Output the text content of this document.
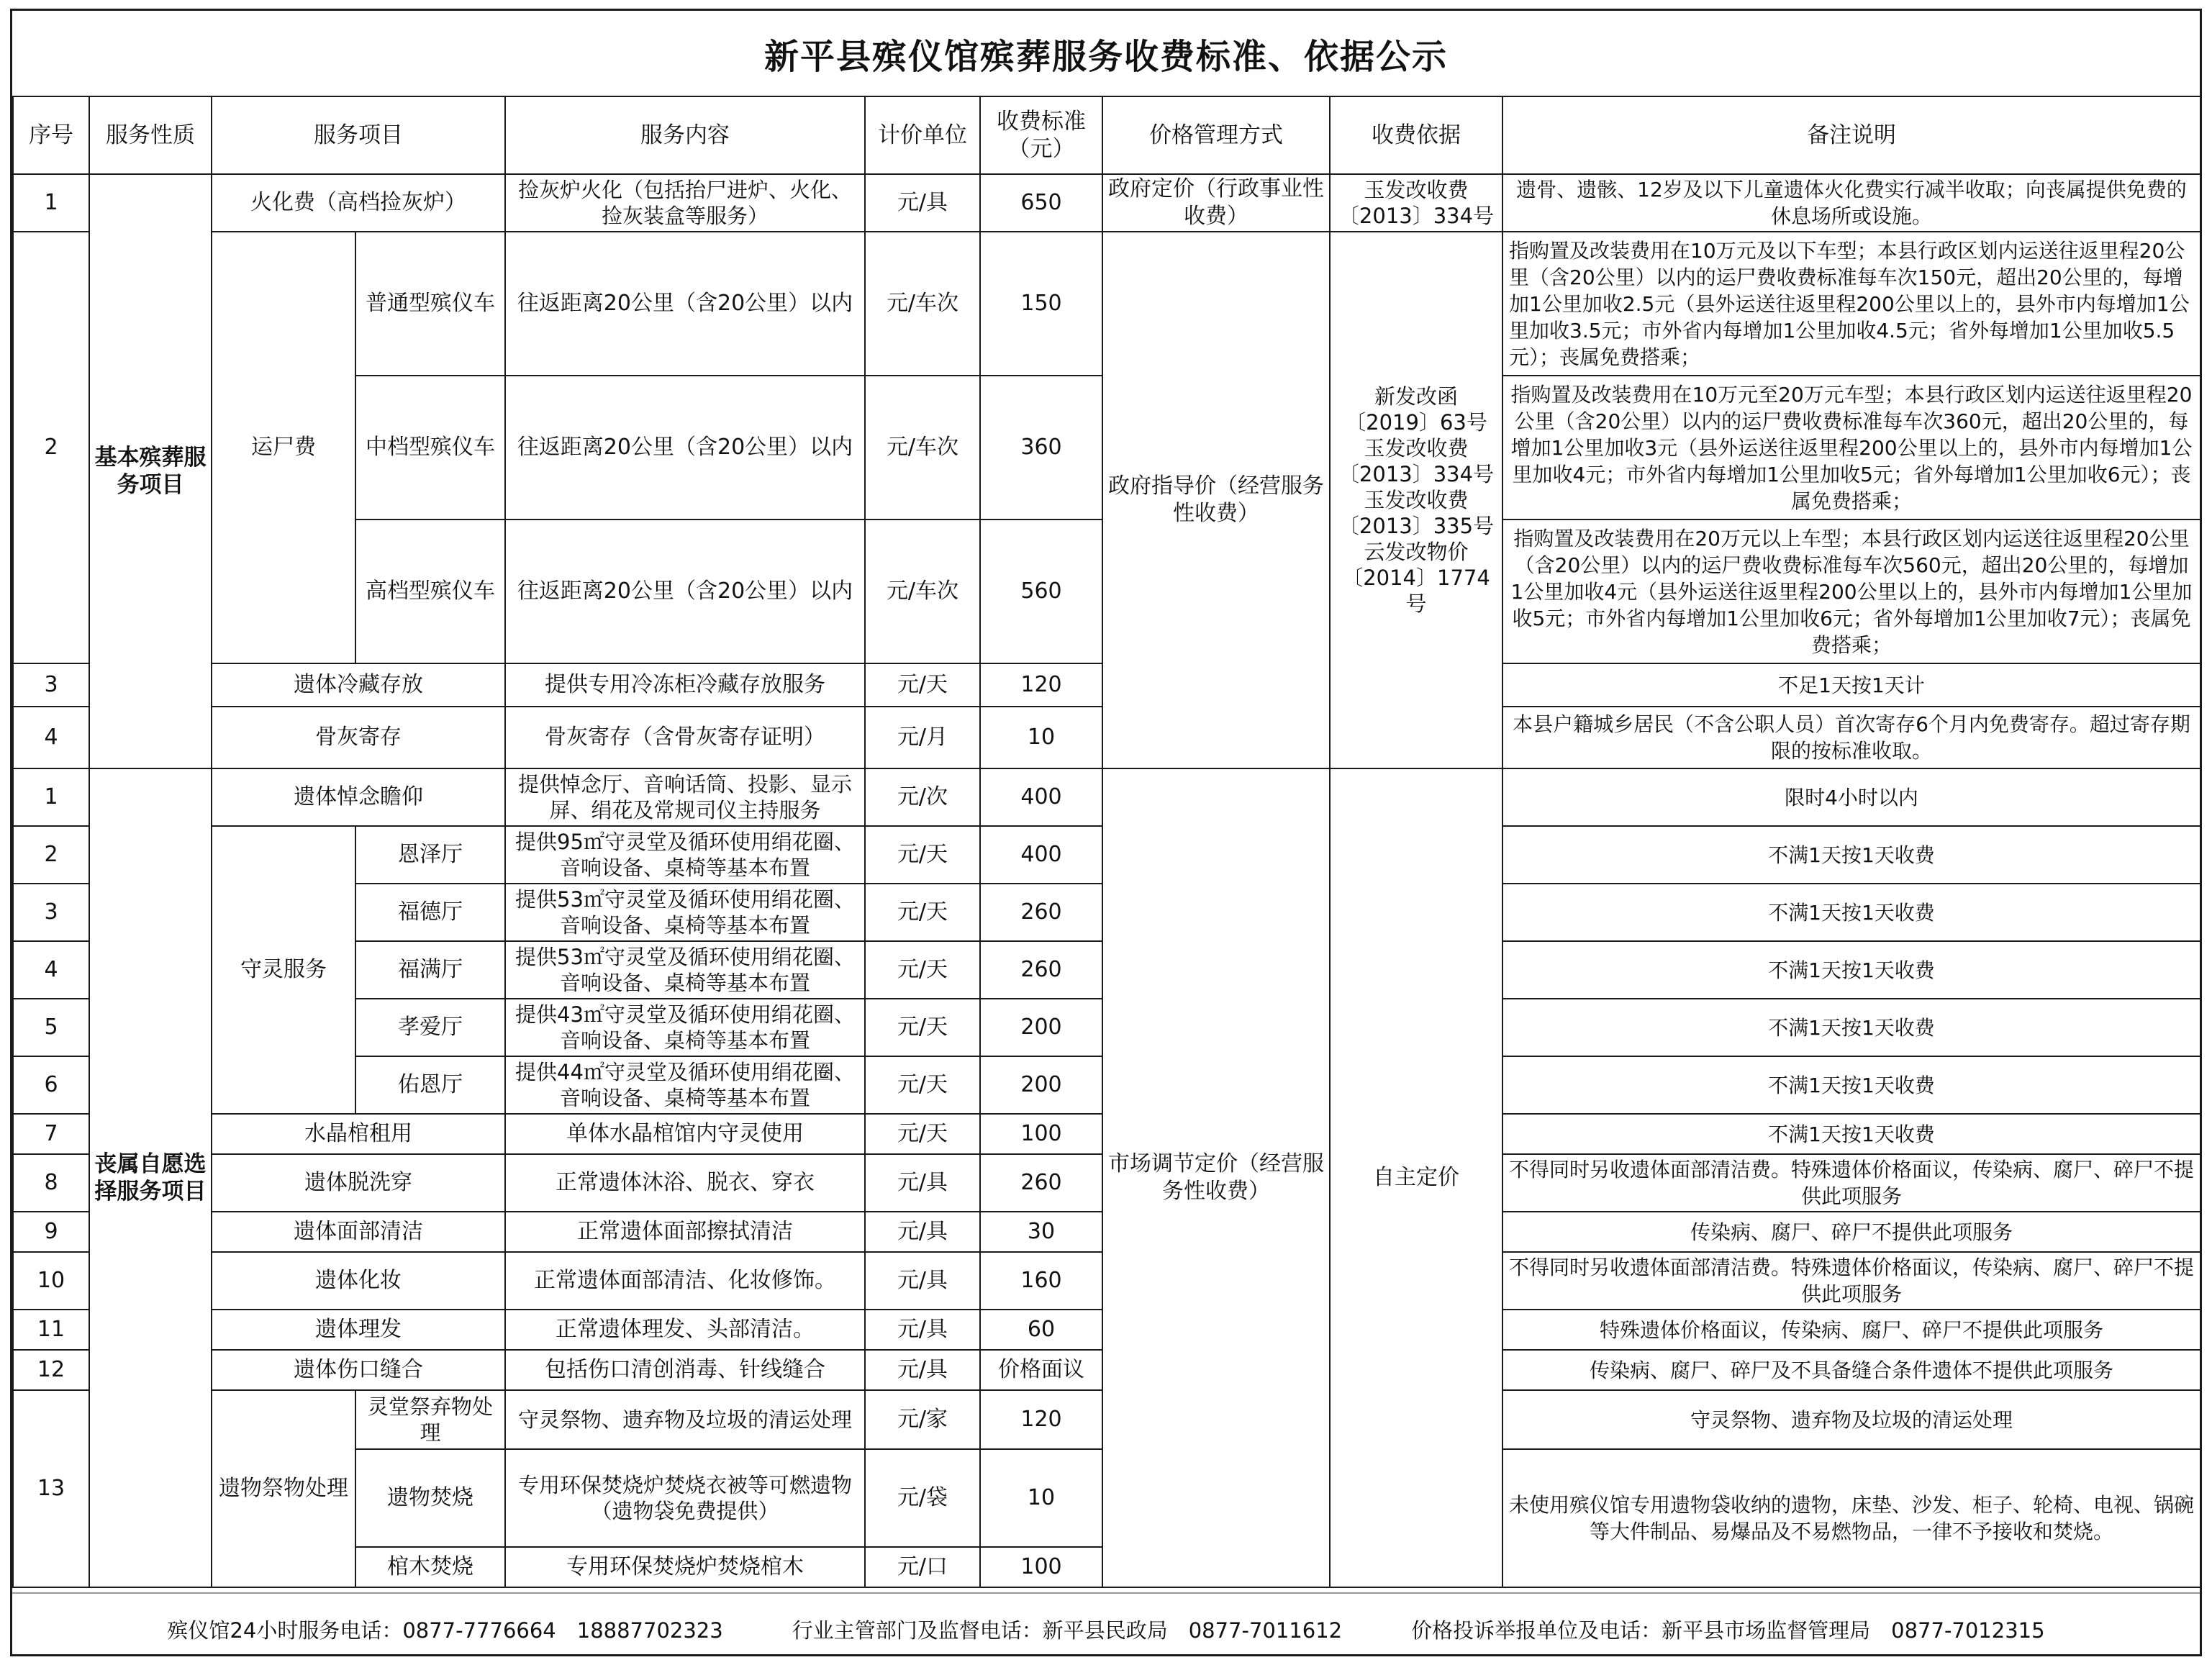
新平县殡仪馆殡葬服务收费标准、依据公示
序号	服务性质	服务项目		服务内容	计价单位	收费标准（元）	价格管理方式	收费依据	备注说明
1	基本殡葬服务项目	火化费（高档捡灰炉）		捡灰炉火化（包括抬尸进炉、火化、捡灰装盒等服务）	元/具	650	政府定价（行政事业性收费）	玉发改收费〔2013〕334号	遗骨、遗骸、12岁及以下儿童遗体火化费实行减半收取；向丧属提供免费的休息场所或设施。
2		运尸费	普通型殡仪车	往返距离20公里（含20公里）以内	元/车次	150	政府指导价（经营服务性收费）	新发改函〔2019〕63号玉发改收费〔2013〕334号玉发改收费〔2013〕335号云发改物价〔2014〕1774号	指购置及改装费用在10万元及以下车型；本县行政区划内运送往返里程20公里（含20公里）以内的运尸费收费标准每车次150元，超出20公里的，每增加1公里加收2.5元（县外运送往返里程200公里以上的，县外市内每增加1公里加收3.5元；市外省内每增加1公里加收4.5元；省外每增加1公里加收5.5元）；丧属免费搭乘；
			中档型殡仪车	往返距离20公里（含20公里）以内	元/车次	360			指购置及改装费用在10万元至20万元车型；本县行政区划内运送往返里程20公里（含20公里）以内的运尸费收费标准每车次360元，超出20公里的，每增加1公里加收3元（县外运送往返里程200公里以上的，县外市内每增加1公里加收4元；市外省内每增加1公里加收5元；省外每增加1公里加收6元）；丧属免费搭乘；
			高档型殡仪车	往返距离20公里（含20公里）以内	元/车次	560			指购置及改装费用在20万元以上车型；本县行政区划内运送往返里程20公里（含20公里）以内的运尸费收费标准每车次560元，超出20公里的，每增加1公里加收4元（县外运送往返里程200公里以上的，县外市内每增加1公里加收5元；市外省内每增加1公里加收6元；省外每增加1公里加收7元）；丧属免费搭乘；
3		遗体冷藏存放		提供专用冷冻柜冷藏存放服务	元/天	120			不足1天按1天计
4		骨灰寄存		骨灰寄存（含骨灰寄存证明）	元/月	10			本县户籍城乡居民（不含公职人员）首次寄存6个月内免费寄存。超过寄存期限的按标准收取。
1	丧属自愿选择服务项目	遗体悼念瞻仰		提供悼念厅、音响话筒、投影、显示屏、绢花及常规司仪主持服务	元/次	400	市场调节定价（经营服务性收费）	自主定价	限时4小时以内
2		守灵服务	恩泽厅	提供95㎡守灵堂及循环使用绢花圈、音响设备、桌椅等基本布置	元/天	400			不满1天按1天收费
3			福德厅	提供53㎡守灵堂及循环使用绢花圈、音响设备、桌椅等基本布置	元/天	260			不满1天按1天收费
4			福满厅	提供53㎡守灵堂及循环使用绢花圈、音响设备、桌椅等基本布置	元/天	260			不满1天按1天收费
5			孝爱厅	提供43㎡守灵堂及循环使用绢花圈、音响设备、桌椅等基本布置	元/天	200			不满1天按1天收费
6			佑恩厅	提供44㎡守灵堂及循环使用绢花圈、音响设备、桌椅等基本布置	元/天	200			不满1天按1天收费
7		水晶棺租用		单体水晶棺馆内守灵使用	元/天	100			不满1天按1天收费
8		遗体脱洗穿		正常遗体沐浴、脱衣、穿衣	元/具	260			不得同时另收遗体面部清洁费。特殊遗体价格面议，传染病、腐尸、碎尸不提供此项服务
9		遗体面部清洁		正常遗体面部擦拭清洁	元/具	30			传染病、腐尸、碎尸不提供此项服务
10		遗体化妆		正常遗体面部清洁、化妆修饰。	元/具	160			不得同时另收遗体面部清洁费。特殊遗体价格面议，传染病、腐尸、碎尸不提供此项服务
11		遗体理发		正常遗体理发、头部清洁。	元/具	60			特殊遗体价格面议，传染病、腐尸、碎尸不提供此项服务
12		遗体伤口缝合		包括伤口清创消毒、针线缝合	元/具	价格面议			传染病、腐尸、碎尸及不具备缝合条件遗体不提供此项服务
13		遗物祭物处理	灵堂祭弃物处理	守灵祭物、遗弃物及垃圾的清运处理	元/家	120			守灵祭物、遗弃物及垃圾的清运处理
			遗物焚烧	专用环保焚烧炉焚烧衣被等可燃遗物（遗物袋免费提供）	元/袋	10			未使用殡仪馆专用遗物袋收纳的遗物，床垫、沙发、柜子、轮椅、电视、锅碗等大件制品、易爆品及不易燃物品，一律不予接收和焚烧。
			棺木焚烧	专用环保焚烧炉焚烧棺木	元/口	100			
殡仪馆24小时服务电话：0877-7776664　18887702323	行业主管部门及监督电话：新平县民政局　0877-7011612	价格投诉举报单位及电话：新平县市场监督管理局　0877-7012315
